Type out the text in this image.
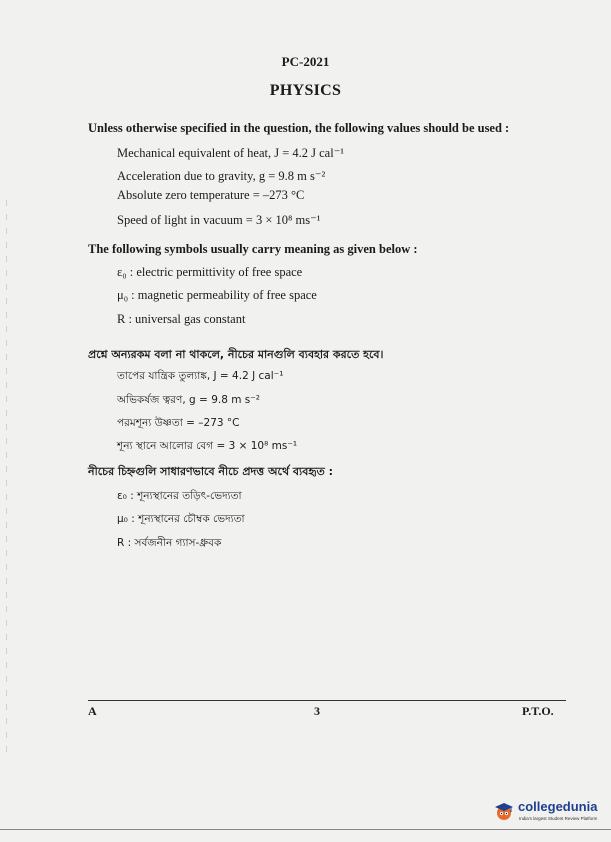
PC-2021
PHYSICS
Unless otherwise specified in the question, the following values should be used :
Mechanical equivalent of heat, J = 4.2 J cal⁻¹
Acceleration due to gravity, g = 9.8 m s⁻²
Absolute zero temperature = –273 °C
Speed of light in vacuum = 3 × 10⁸ ms⁻¹
The following symbols usually carry meaning as given below :
ε₀ : electric permittivity of free space
μ₀ : magnetic permeability of free space
R : universal gas constant
প্রশ্নে অন্যরকম বলা না থাকলে, নীচের মানগুলি ব্যবহার করতে হবে।
তাপের যান্ত্রিক তুল্যাঙ্ক, J = 4.2 J cal⁻¹
অভিকর্ষজ ত্বরণ, g = 9.8 m s⁻²
পরমশূন্য উষ্ণতা = –273 °C
শূন্য স্থানে আলোর বেগ = 3 × 10⁸ ms⁻¹
নীচের চিহ্নগুলি সাধারণভাবে নীচে প্রদত্ত অর্থে ব্যবহৃত :
ε₀ : শূন্যস্থানের তড়িৎ-ভেদ্যতা
μ₀ : শূন্যস্থানের চৌম্বক ভেদ্যতা
R : সর্বজনীন গ্যাস-ধ্রুবক
A	3	P.T.O.
collegedunia
India's largest Student Review Platform
